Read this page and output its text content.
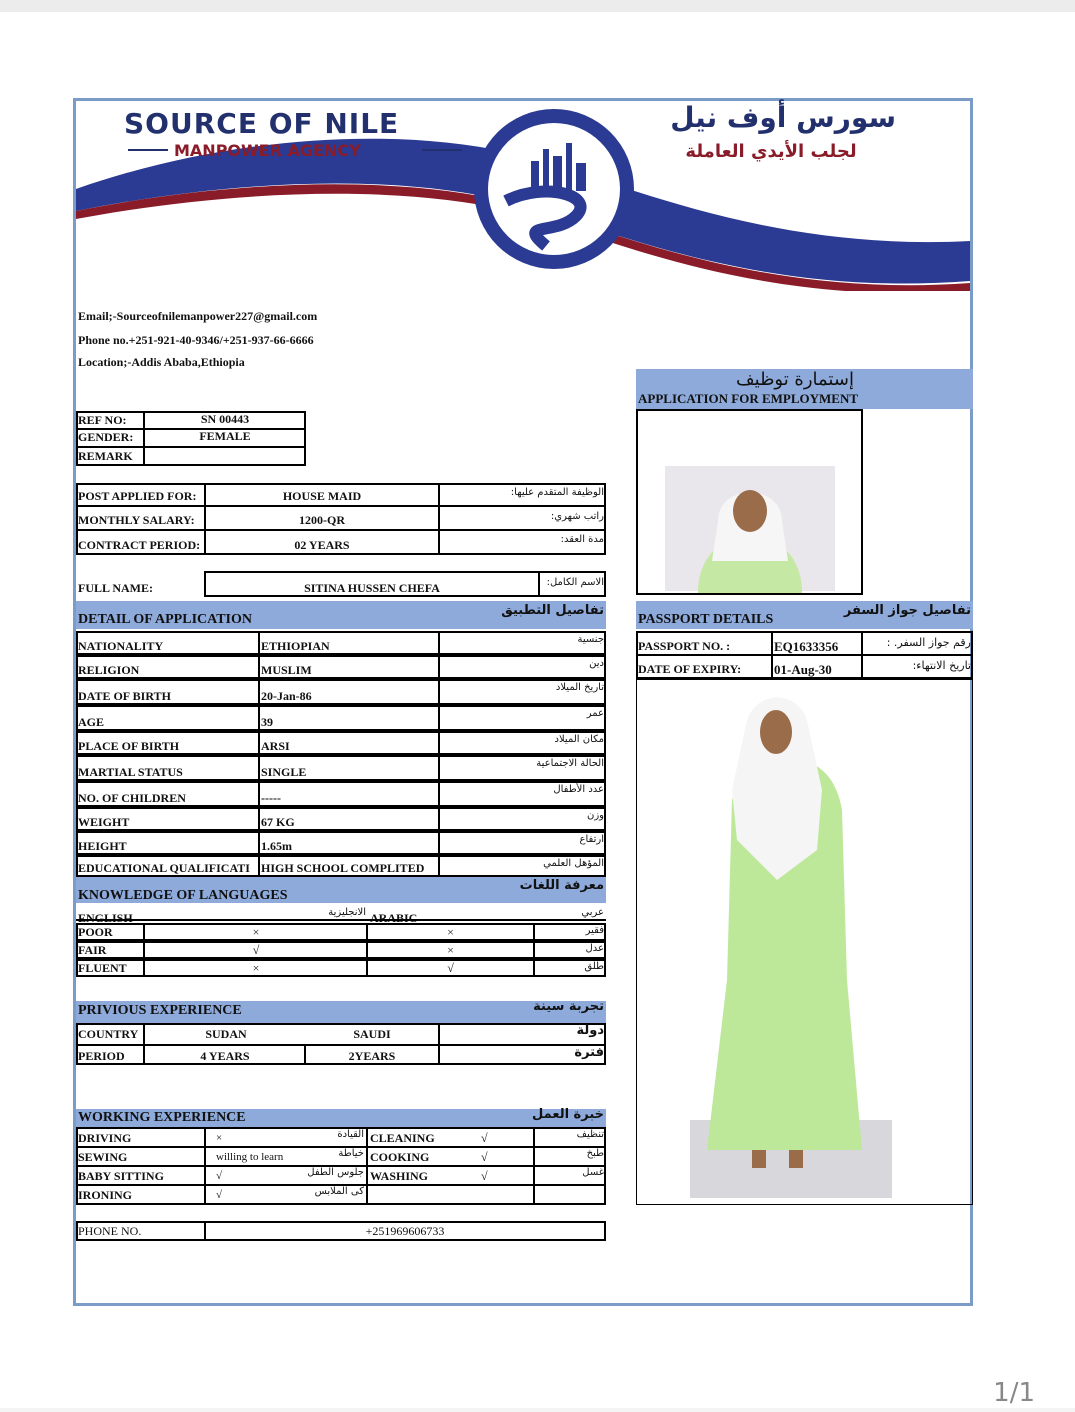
SOURCE OF NILE
MANPOWER AGENCY
سورس أوف نيل
لجلب الأيدي العاملة
Email;-Sourceofnilemanpower227@gmail.com
Phone no.+251-921-40-9346/+251-937-66-6666
Location;-Addis Ababa,Ethiopia
إستمارة توظيف
APPLICATION FOR EMPLOYMENT
REF NO:	SN 00443
GENDER:	FEMALE
REMARK
POST APPLIED FOR:	HOUSE MAID	الوظيفة المتقدم عليها:
MONTHLY SALARY:	1200-QR	راتب شهري:
CONTRACT PERIOD:	02 YEARS	مدة العقد:
FULL NAME:	SITINA HUSSEN CHEFA	الاسم الكامل:
DETAIL OF APPLICATION
تفاصيل التطبيق
PASSPORT DETAILS
تفاصيل جواز السفر
PASSPORT NO. :	EQ1633356	رقم جواز السفر. :
DATE OF EXPIRY:	01-Aug-30	تاريخ الانتهاء:
KNOWLEDGE OF LANGUAGES
معرفة اللغات
ENGLISH	الانجليزية ARABIC	عربي
PRIVIOUS EXPERIENCE	تجربة سينة
COUNTRY	SUDAN	SAUDI	دولة
PERIOD	4 YEARS	2YEARS	فترة
WORKING EXPERIENCE	خبرة العمل
PHONE NO.	+251969606733
NATIONALITY	ETHIOPIAN	جنسية
RELIGION	MUSLIM	دين
DATE OF BIRTH	20-Jan-86
تاريخ الميلاد
AGE	39
عمر
PLACE OF BIRTH	ARSI	مكان الميلاد
MARTIAL STATUS	SINGLE
الحالة الاجتماعية
NO. OF CHILDREN	-----
عدد الأطفال
WEIGHT	67 KG	وزن
HEIGHT	1.65m	ارتفاع
EDUCATIONAL QUALIFICATI HIGH SCHOOL COMPLITED	المؤهل العلمي
POOR	×	×	فقير
FAIR	√	×	عدل
FLUENT	×	√	طلق
DRIVING	×	القيادة CLEANING	√	تنظيف
SEWING	willing to learn	خياطة COOKING	√	طبخ
BABY SITTING	√	جلوس الطفل WASHING	√	غسل
IRONING	√	كى الملابس
1/1
